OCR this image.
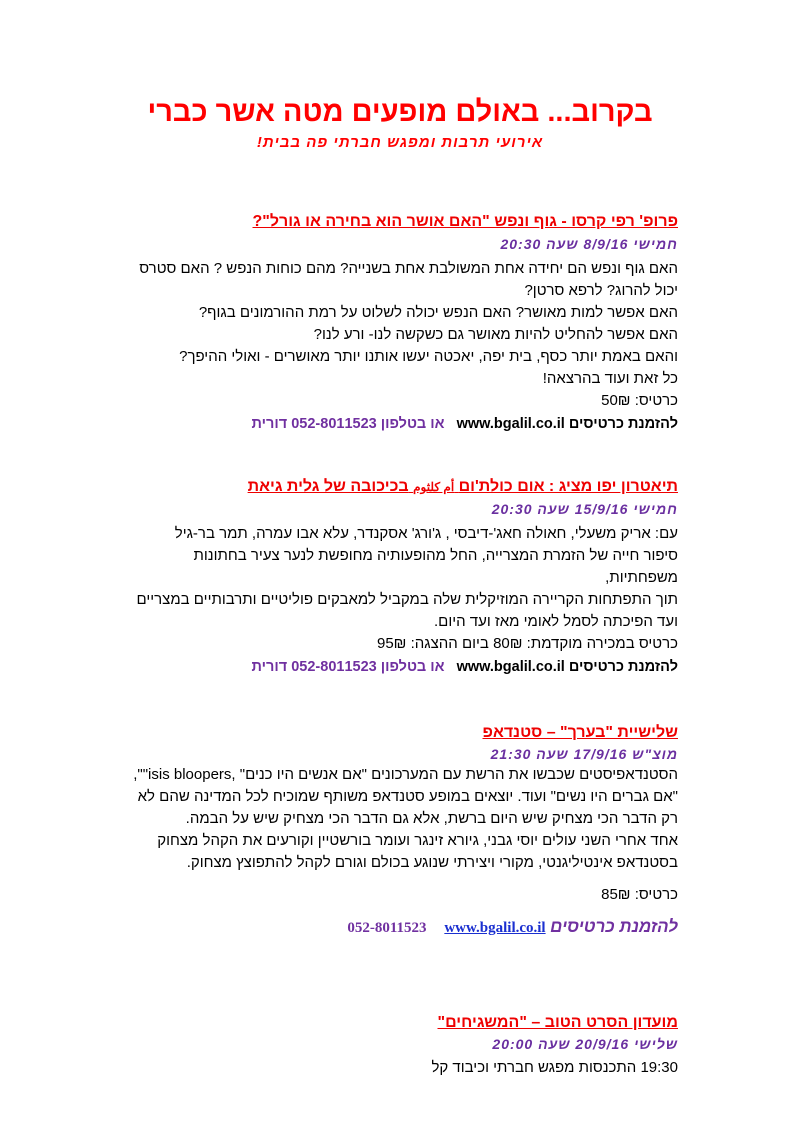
בקרוב... באולם מופעים מטה אשר כברי
אירועי תרבות ומפגש חברתי פה בבית!
פרופ' רפי קרסו - גוף ונפש "האם אושר הוא בחירה או גורל"?
חמישי 8/9/16 שעה 20:30
האם גוף ונפש הם יחידה אחת המשולבת אחת בשנייה? מהם כוחות הנפש ? האם סטרס
יכול להרוג? לרפא סרטן?
האם אפשר למות מאושר? האם הנפש יכולה לשלוט על רמת ההורמונים בגוף?
האם אפשר להחליט להיות מאושר גם כשקשה לנו- ורע לנו?
והאם באמת יותר כסף, בית יפה, יאכטה יעשו אותנו יותר מאושרים - ואולי ההיפך?
כל זאת ועוד בהרצאה!
כרטיס: 50₪
להזמנת כרטיסים www.bgalil.co.il   או בטלפון 052-8011523 דורית
תיאטרון יפו מציג : אום כולת'ום أم كلثوم בכיכובה של גלית גיאת
חמישי 15/9/16 שעה 20:30
עם: אריק משעלי, חאולה חאג'-דיבסי , ג'ורג' אסקנדר, עלא אבו עמרה, תמר בר-גיל
סיפור חייה של הזמרת המצרייה, החל מהופעותיה מחופשת לנער צעיר בחתונות
משפחתיות,
תוך התפתחות הקריירה המוזיקלית שלה במקביל למאבקים פוליטיים ותרבותיים במצריים
ועד הפיכתה לסמל לאומי מאז ועד היום.
כרטיס במכירה מוקדמת: 80₪ ביום ההצגה: 95₪
להזמנת כרטיסים www.bgalil.co.il   או בטלפון 052-8011523 דורית
שלישיית "בערך" – סטנדאפ
מוצ"ש 17/9/16 שעה 21:30
הסטנדאפיסטים שכבשו את הרשת עם המערכונים "אם אנשים היו כנים" ,isis bloopers"",
"אם גברים היו נשים" ועוד. יוצאים במופע סטנדאפ משותף שמוכיח לכל המדינה שהם לא
רק הדבר הכי מצחיק שיש היום ברשת, אלא גם הדבר הכי מצחיק שיש על הבמה.
אחד אחרי השני עולים יוסי גבני, גיורא זינגר ועומר בורשטיין וקורעים את הקהל מצחוק
בסטנדאפ אינטיליגנטי, מקורי ויצירתי שנוגע בכולם וגורם לקהל להתפוצץ מצחוק.
כרטיס: 85₪
להזמנת כרטיסים www.bgalil.co.il    052-8011523
מועדון הסרט הטוב – "המשגיחים"
שלישי 20/9/16 שעה 20:00
19:30 התכנסות מפגש חברתי וכיבוד קל
